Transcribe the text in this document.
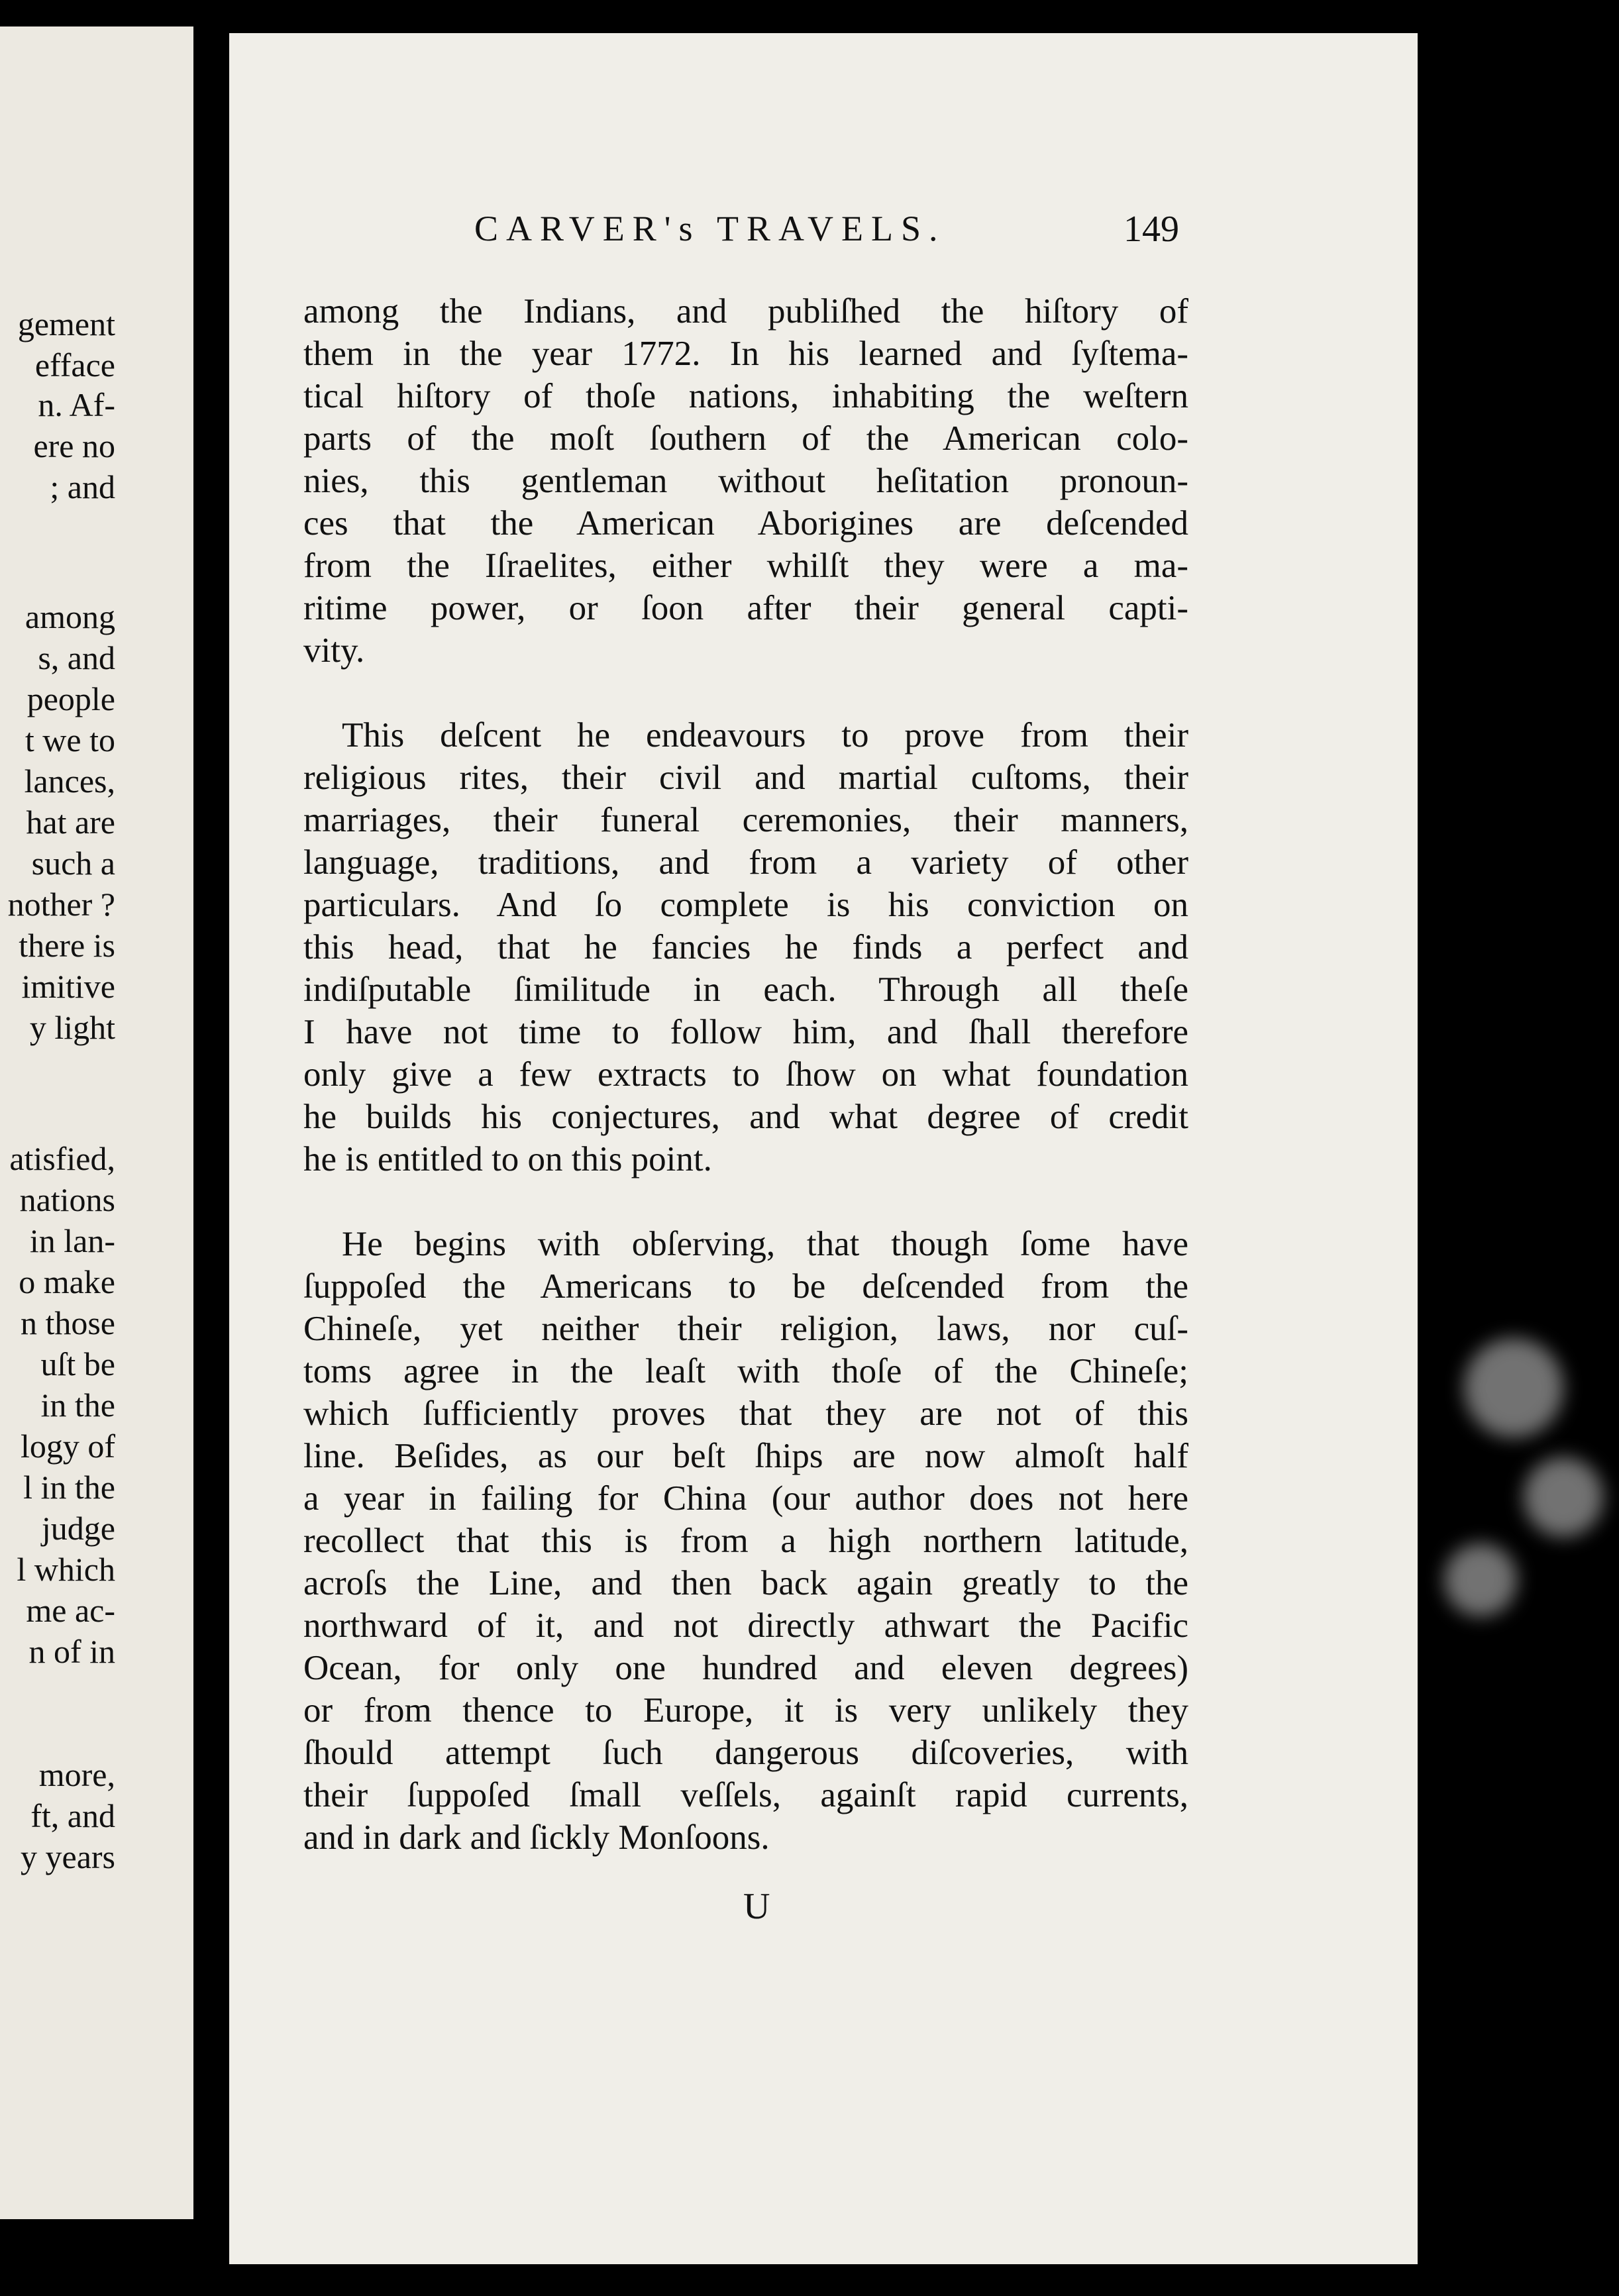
gement
efface
n. Af-
ere no
; and
among
s, and
people
t we to
lances,
hat are
such a
nother ?
there is
imitive
y light
atisfied,
nations
in lan-
o make
n those
uſt be
in the
logy of
l in the
judge
l which
me ac-
n of in
more,
ft, and
y years
CARVER's TRAVELS.	149
among the Indians, and publiſhed the hiſtory of
them in the year 1772. In his learned and ſyſtema-
tical hiſtory of thoſe nations, inhabiting the weſtern
parts of the moſt ſouthern of the American colo-
nies, this gentleman without heſitation pronoun-
ces that the American Aborigines are deſcended
from the Iſraelites, either whilſt they were a ma-
ritime power, or ſoon after their general capti-
vity.
This deſcent he endeavours to prove from their
religious rites, their civil and martial cuſtoms, their
marriages, their funeral ceremonies, their manners,
language, traditions, and from a variety of other
particulars. And ſo complete is his conviction on
this head, that he fancies he finds a perfect and
indiſputable ſimilitude in each. Through all theſe
I have not time to follow him, and ſhall therefore
only give a few extracts to ſhow on what foundation
he builds his conjectures, and what degree of credit
he is entitled to on this point.
He begins with obſerving, that though ſome have
ſuppoſed the Americans to be deſcended from the
Chineſe, yet neither their religion, laws, nor cuſ-
toms agree in the leaſt with thoſe of the Chineſe;
which ſufficiently proves that they are not of this
line. Beſides, as our beſt ſhips are now almoſt half
a year in failing for China (our author does not here
recollect that this is from a high northern latitude,
acroſs the Line, and then back again greatly to the
northward of it, and not directly athwart the Pacific
Ocean, for only one hundred and eleven degrees)
or from thence to Europe, it is very unlikely they
ſhould attempt ſuch dangerous diſcoveries, with
their ſuppoſed ſmall veſſels, againſt rapid currents,
and in dark and ſickly Monſoons.
U
